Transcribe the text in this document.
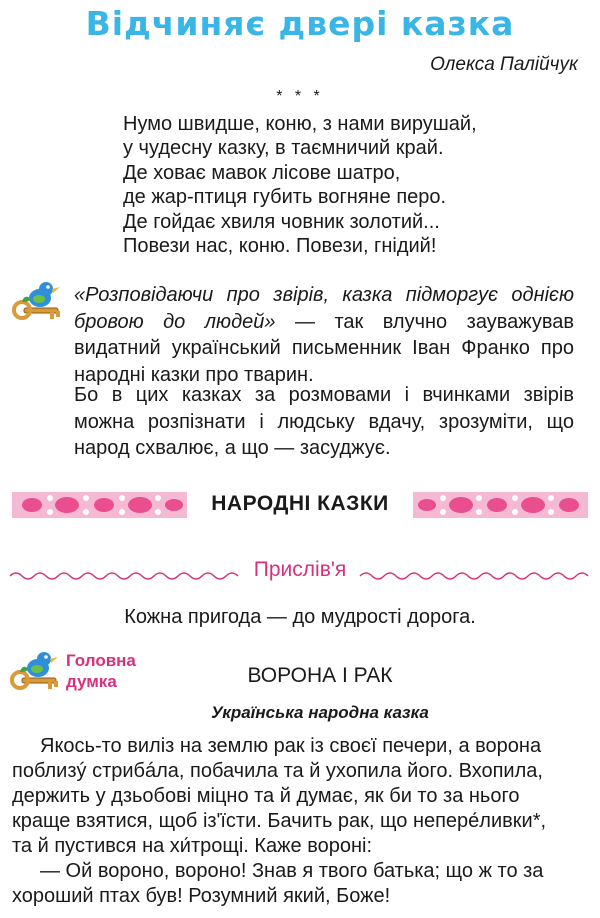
Відчиняє двері казка
Олекса Палійчук
* * *
Нумо швидше, коню, з нами вирушай,
у чудесну казку, в таємничий край.
Де ховає мавок лісове шатро,
де жар-птиця губить вогняне перо.
Де гойдає хвиля човник золотий...
Повези нас, коню. Повези, гнідий!
«Розповідаючи про звірів, казка підморгує однією бровою до людей» — так влучно зауважував видатний український письменник Іван Франко про народні казки про тварин.
Бо в цих казках за розмовами і вчинками звірів можна розпізнати і людську вдачу, зрозуміти, що народ схвалює, а що — засуджує.
НАРОДНІ КАЗКИ
Прислів'я
Кожна пригода — до мудрості дорога.
Головна
думка	ВОРОНА І РАК
Українська народна казка
Якось-то виліз на землю рак із своєї печери, а ворона
поблизý стрибáла, побачила та й ухопила його. Вхопила,
держить у дзьобові міцно та й думає, як би то за нього
краще взятися, щоб із'їсти. Бачить рак, що непере́ливки*,
та й пустився на хи́трощі. Каже вороні:
— Ой вороно, вороно! Знав я твого батька; що ж то за
хороший птах був! Розумний який, Боже!
